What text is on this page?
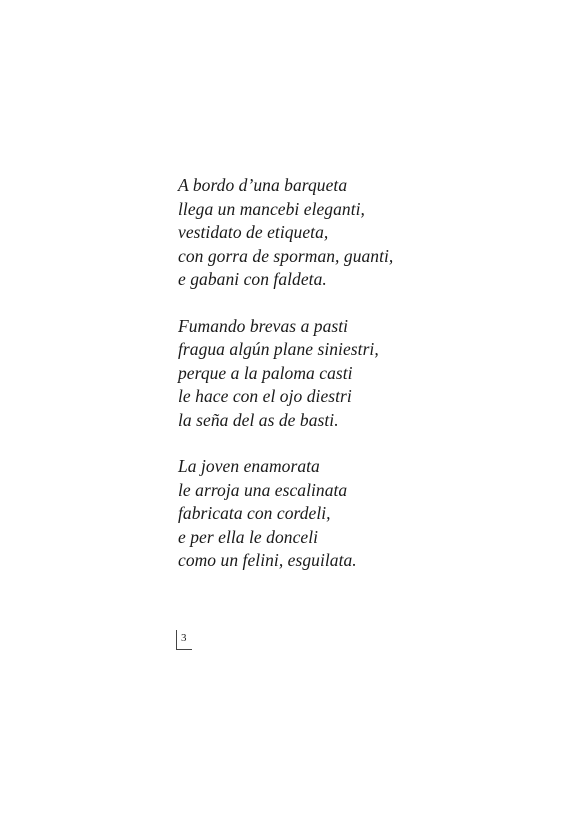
A bordo d’una barqueta
llega un mancebi eleganti,
vestidato de etiqueta,
con gorra de sporman, guanti,
e gabani con faldeta.
Fumando brevas a pasti
fragua algún plane siniestri,
perque a la paloma casti
le hace con el ojo diestri
la seña del as de basti.
La joven enamorata
le arroja una escalinata
fabricata con cordeli,
e per ella le donceli
como un felini, esguilata.
3
